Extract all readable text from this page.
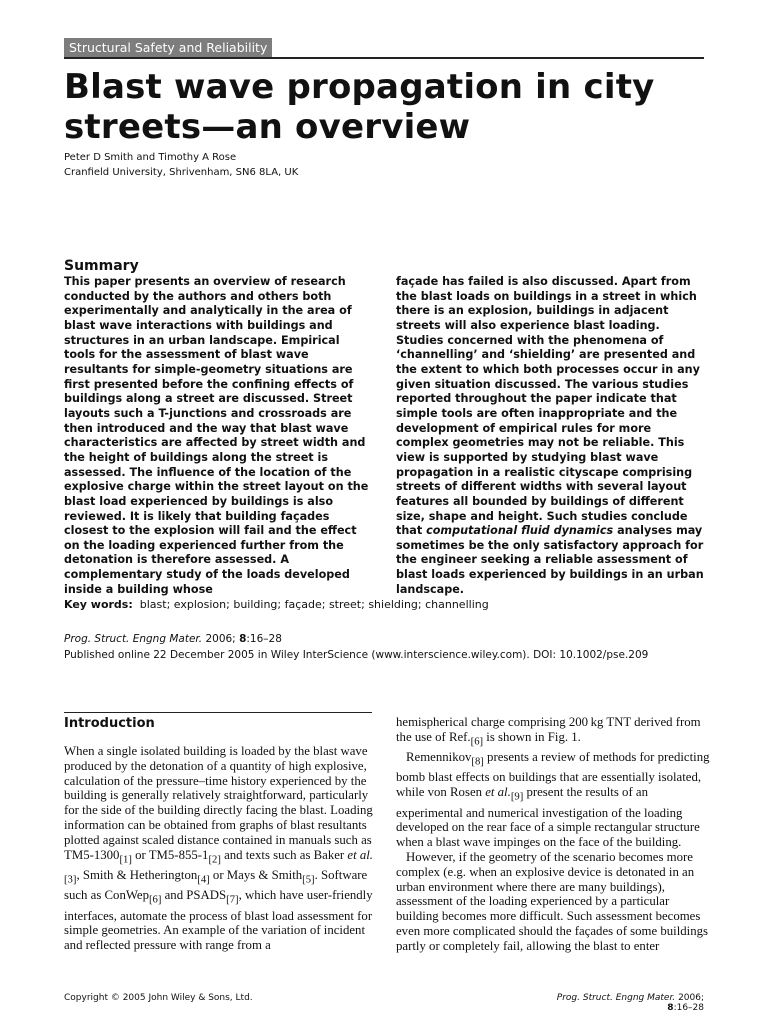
Structural Safety and Reliability
Blast wave propagation in city streets—an overview
Peter D Smith and Timothy A Rose
Cranfield University, Shrivenham, SN6 8LA, UK
Summary

This paper presents an overview of research conducted by the authors and others both experimentally and analytically in the area of blast wave interactions with buildings and structures in an urban landscape. Empirical tools for the assessment of blast wave resultants for simple-geometry situations are first presented before the confining effects of buildings along a street are discussed. Street layouts such a T-junctions and crossroads are then introduced and the way that blast wave characteristics are affected by street width and the height of buildings along the street is assessed. The influence of the location of the explosive charge within the street layout on the blast load experienced by buildings is also reviewed. It is likely that building façades closest to the explosion will fail and the effect on the loading experienced further from the detonation is therefore assessed. A complementary study of the loads developed inside a building whose

façade has failed is also discussed. Apart from the blast loads on buildings in a street in which there is an explosion, buildings in adjacent streets will also experience blast loading. Studies concerned with the phenomena of ‘channelling’ and ‘shielding’ are presented and the extent to which both processes occur in any given situation discussed. The various studies reported throughout the paper indicate that simple tools are often inappropriate and the development of empirical rules for more complex geometries may not be reliable. This view is supported by studying blast wave propagation in a realistic cityscape comprising streets of different widths with several layout features all bounded by buildings of different size, shape and height. Such studies conclude that computational fluid dynamics analyses may sometimes be the only satisfactory approach for the engineer seeking a reliable assessment of blast loads experienced by buildings in an urban landscape.

Key words: blast; explosion; building; façade; street; shielding; channelling
Prog. Struct. Engng Mater. 2006; 8:16–28
Published online 22 December 2005 in Wiley InterScience (www.interscience.wiley.com). DOI: 10.1002/pse.209
Introduction

When a single isolated building is loaded by the blast wave produced by the detonation of a quantity of high explosive, calculation of the pressure–time history experienced by the building is generally relatively straightforward, particularly for the side of the building directly facing the blast. Loading information can be obtained from graphs of blast resultants plotted against scaled distance contained in manuals such as $TM5-1300_{[1]}$ or $TM5-855-1_{[2]}$ and texts such as Baker et $al._{[3]}$, Smith & Hetherington$_{[4]}$ or Mays & Smith$_{[5]}$. Software such as ConWep$_{[6]}$ and $PSADS_{[7]}$, which have user-friendly interfaces, automate the process of blast load assessment for simple geometries. An example of the variation of incident and reflected pressure with range from a

hemispherical charge comprising 200 kg TNT derived from the use of $Ref._{[6]}$ is shown in Fig. 1.

Remennikov$_{[8]}$ presents a review of methods for predicting bomb blast effects on buildings that are essentially isolated, while von Rosen et $al._{[9]}$ present the results of an experimental and numerical investigation of the loading developed on the rear face of a simple rectangular structure when a blast wave impinges on the face of the building.

However, if the geometry of the scenario becomes more complex (e.g. when an explosive device is detonated in an urban environment where there are many buildings), assessment of the loading experienced by a particular building becomes more difficult. Such assessment becomes even more complicated should the façades of some buildings partly or completely fail, allowing the blast to enter

Copyright © 2005 John Wiley & Sons, Ltd.	Prog. Struct. Engng Mater. 2006; 8:16–28
